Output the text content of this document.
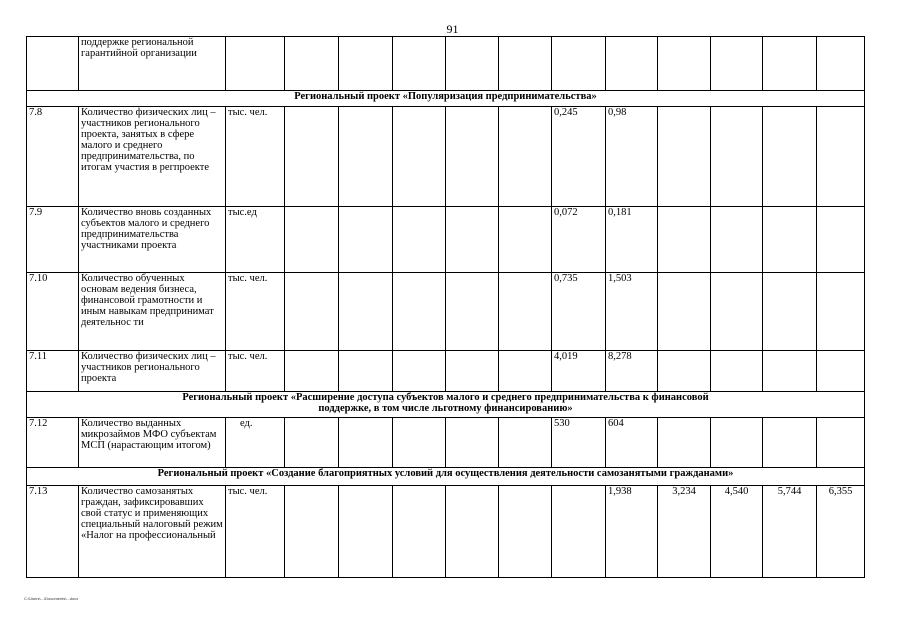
91
	поддержке региональной гарантийной организации												
Региональный проект «Популяризация предпринимательства»													
7.8	Количество физических лиц – участников регионального проекта, занятых в сфере малого и среднего предпринимательства, по итогам участия в регпроекте	тыс. чел.						0,245	0,98				
7.9	Количество вновь созданных субъектов малого и среднего предпринимательства участниками проекта	тыс.ед						0,072	0,181				
7.10	Количество обученных основам ведения бизнеса, финансовой грамотности и иным навыкам предпринимат деятельнос ти	тыс. чел.						0,735	1,503				
7.11	Количество физических лиц – участников регионального проекта	тыс. чел.						4,019	8,278				
Региональный проект «Расширение доступа субъектов малого и среднего предпринимательства к финансовой поддержке, в том числе льготному финансированию»													
7.12	Количество выданных микрозаймов МФО субъектам МСП (нарастающим итогом)	ед.						530	604				
Региональный проект «Создание благоприятных условий для осуществления деятельности самозанятыми гражданами»													
7.13	Количество самозанятых граждан, зафиксировавших свой статус и применяющих специальный налоговый режим «Налог на профессиональный	тыс. чел.							1,938	3,234	4,540	5,744	6,355
C:\Users\...\Documents\...docx
